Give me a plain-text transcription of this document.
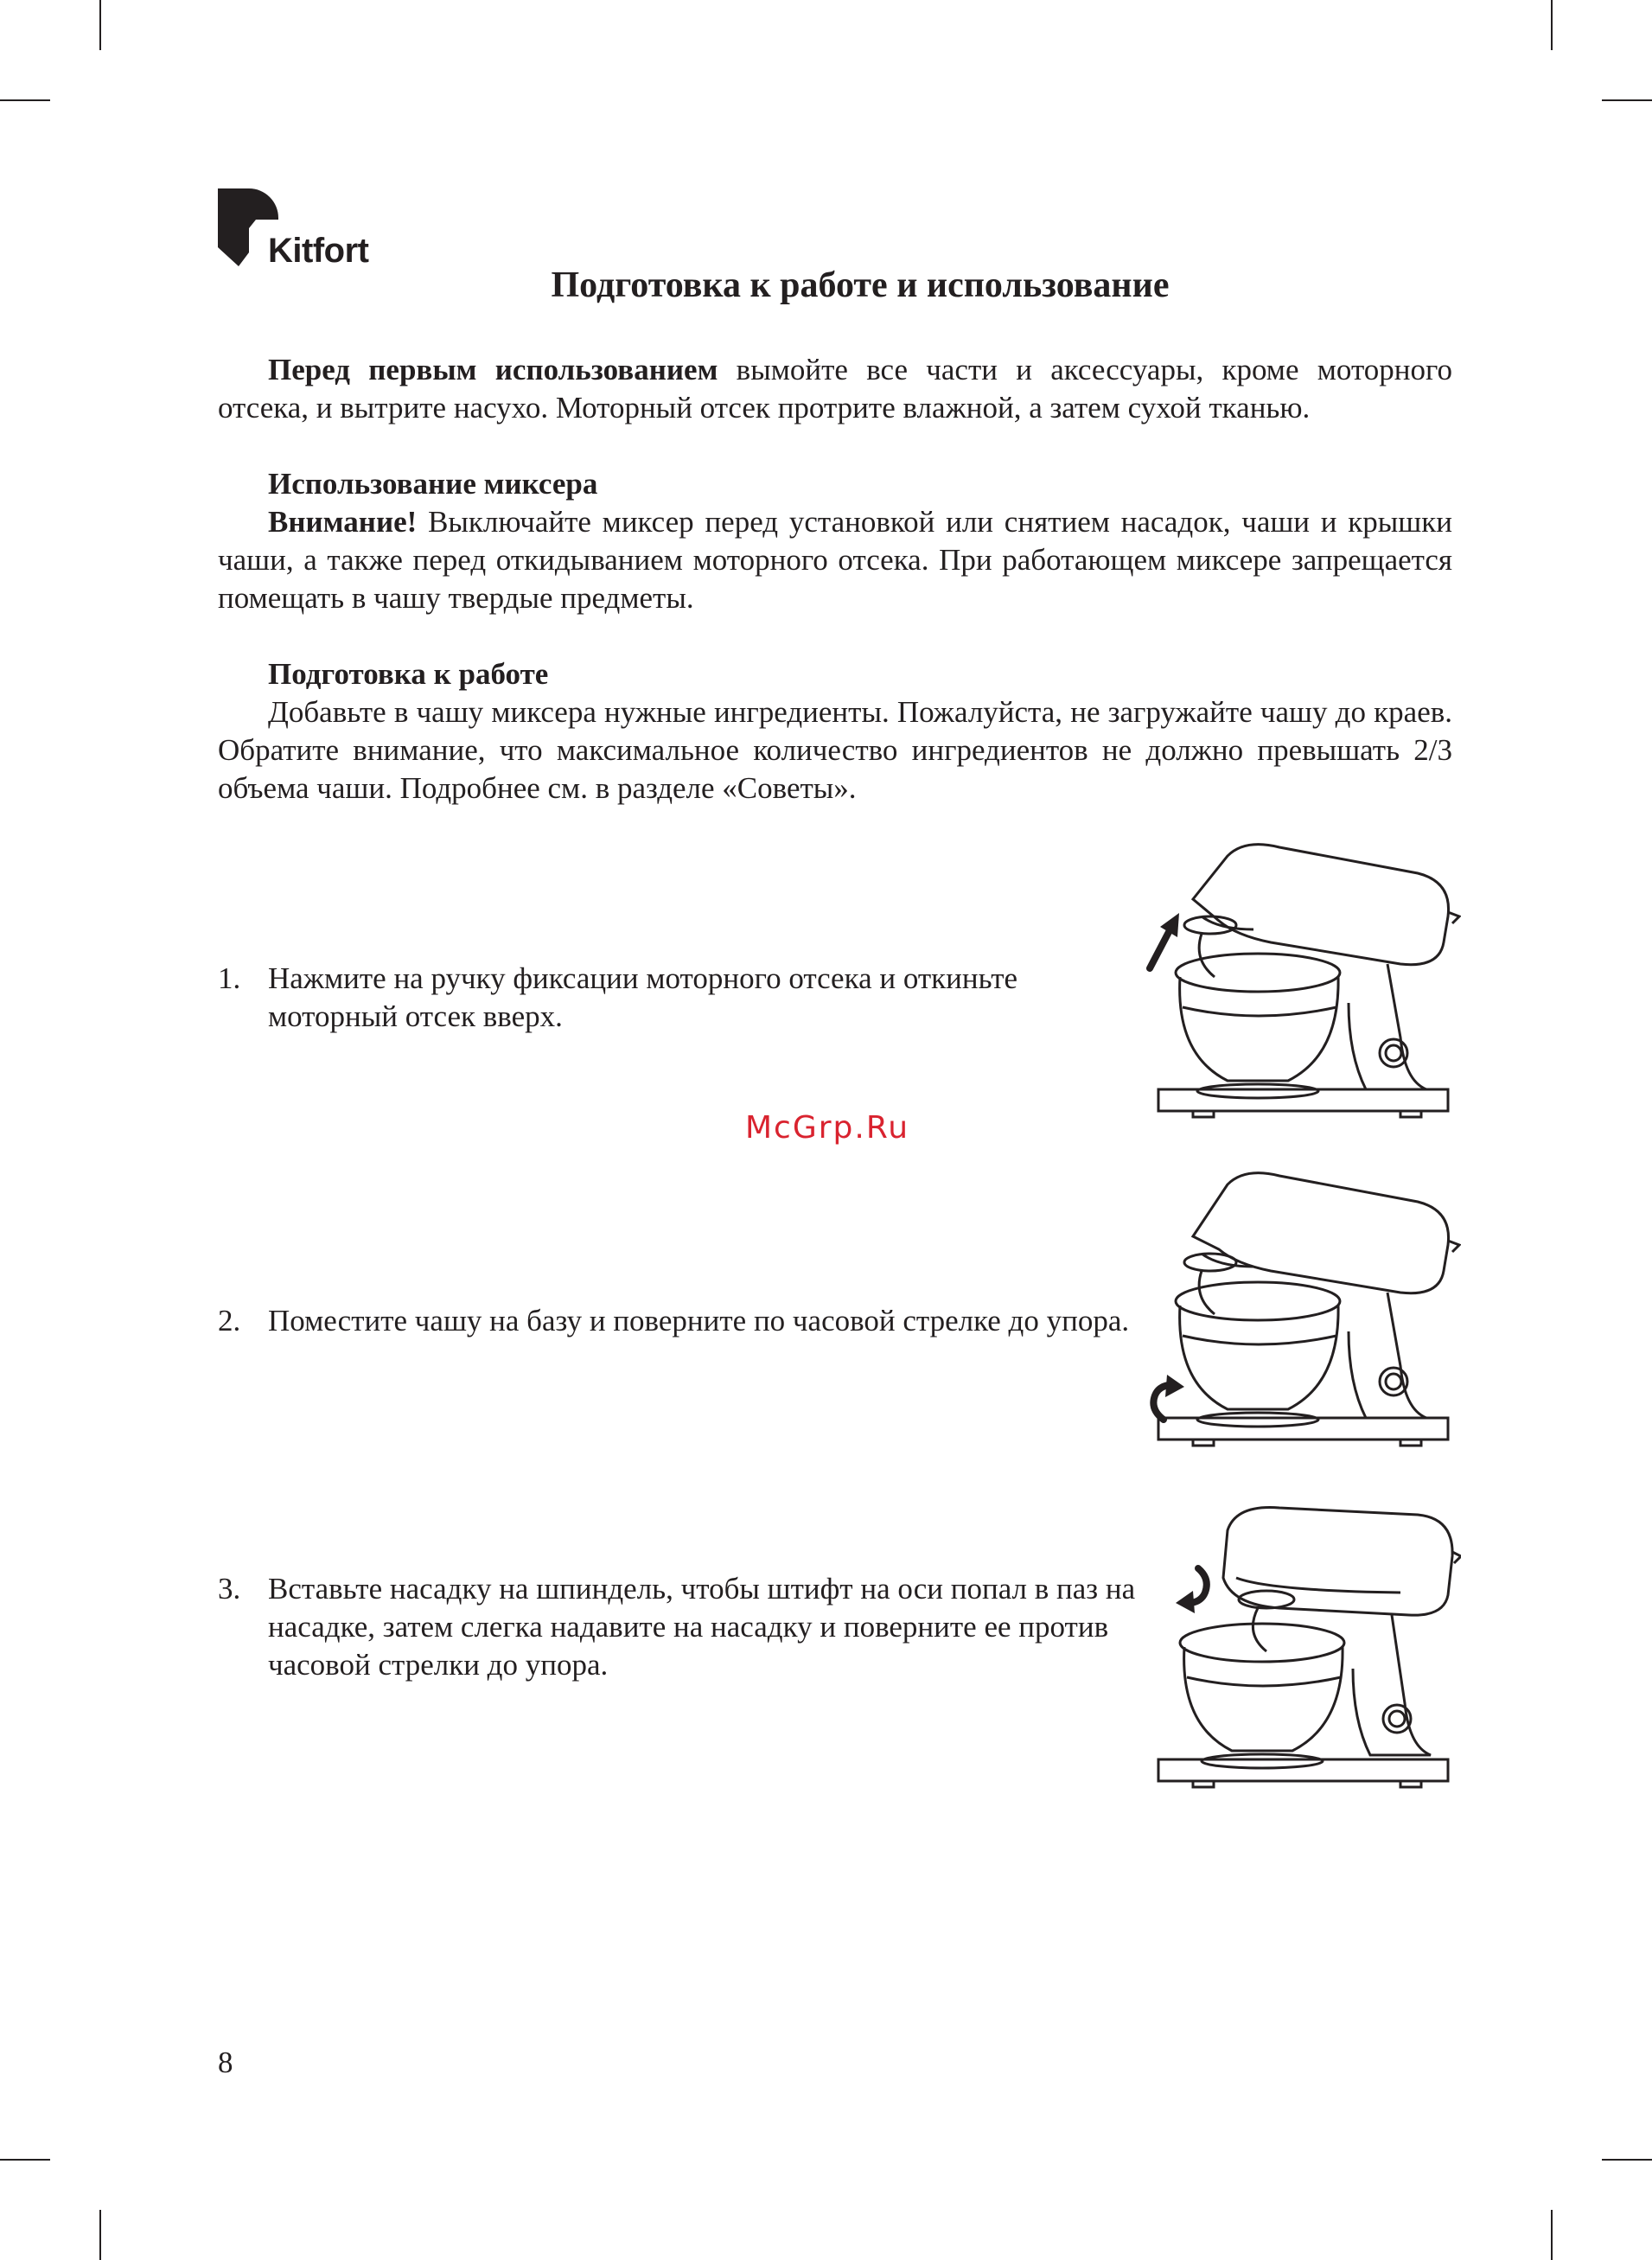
Kitfort
Подготовка к работе и использование
Перед первым использованием вымойте все части и аксессуары, кроме моторного отсека, и вытрите насухо. Моторный отсек протрите влажной, а затем сухой тканью.
Использование миксера
Внимание! Выключайте миксер перед установкой или снятием насадок, чаши и крышки чаши, а также перед откидыванием моторного отсека. При работающем миксере запрещается помещать в чашу твердые предметы.
Подготовка к работе
Добавьте в чашу миксера нужные ингредиенты. Пожалуйста, не загружайте чашу до краев. Обратите внимание, что максимальное количество ингредиентов не должно превышать 2/3 объема чаши. Подробнее см. в разделе «Советы».
1. Нажмите на ручку фиксации моторного отсека и откиньте моторный отсек вверх.
2. Поместите чашу на базу и поверните по часовой стрелке до упора.
3. Вставьте насадку на шпиндель, чтобы штифт на оси попал в паз на насадке, затем слегка надавите на насадку и поверните ее против часовой стрелки до упора.
McGrp.Ru
8
